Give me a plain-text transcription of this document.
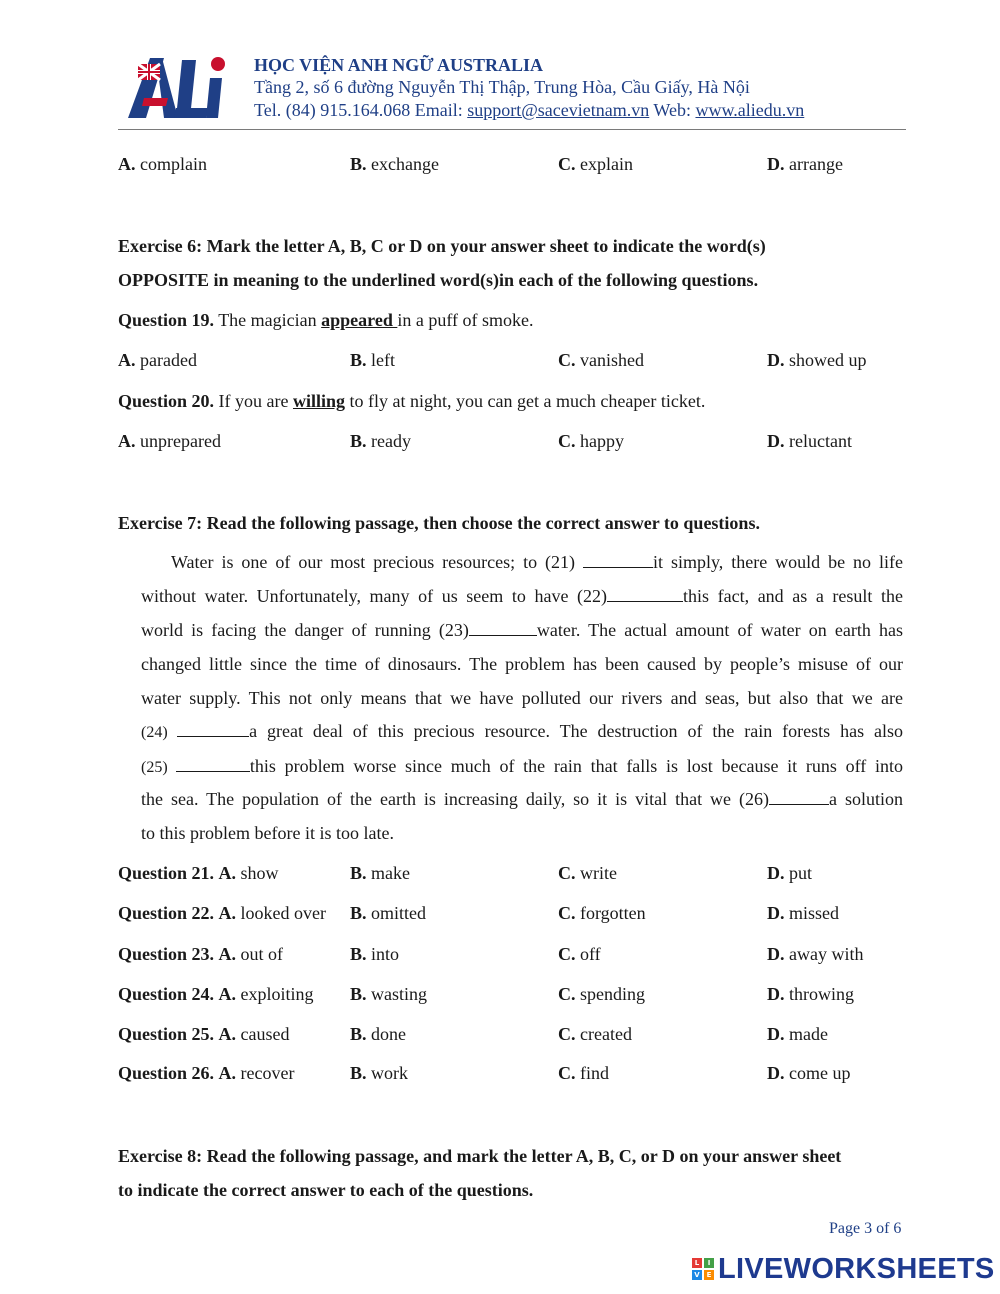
HỌC VIỆN ANH NGỮ AUSTRALIA
Tầng 2, số 6 đường Nguyễn Thị Thập, Trung Hòa, Cầu Giấy, Hà Nội
Tel. (84) 915.164.068 Email: support@sacevietnam.vn Web: www.aliedu.vn
A. complain	B. exchange	C. explain	D. arrange
Exercise 6: Mark the letter A, B, C or D on your answer sheet to indicate the word(s)
OPPOSITE in meaning to the underlined word(s)in each of the following questions.
Question 19. The magician appeared in a puff of smoke.
A. paraded	B. left	C. vanished	D. showed up
Question 20. If you are willing to fly at night, you can get a much cheaper ticket.
A. unprepared	B. ready	C. happy	D. reluctant
Exercise 7: Read the following passage, then choose the correct answer to questions.
Water is one of our most precious resources; to (21)	it simply, there would be no life
without water. Unfortunately, many of us seem to have (22)	this fact, and as a result the
world is facing the danger of running (23)	water. The actual amount of water on earth has
changed little since the time of dinosaurs. The problem has been caused by people’s misuse of our
water supply. This not only means that we have polluted our rivers and seas, but also that we are
(24)	a great deal of this precious resource. The destruction of the rain forests has also
(25)	this problem worse since much of the rain that falls is lost because it runs off into
the sea. The population of the earth is increasing daily, so it is vital that we (26)	a solution
to this problem before it is too late.
Question 21. A. show	B. make	C. write	D. put
Question 22. A. looked over B. omitted	C. forgotten	D. missed
Question 23. A. out of	B. into	C. off	D. away with
Question 24. A. exploiting B. wasting	C. spending	D. throwing
Question 25. A. caused	B. done	C. created	D. made
Question 26. A. recover	B. work	C. find	D. come up
Exercise 8: Read the following passage, and mark the letter A, B, C, or D on your answer sheet
to indicate the correct answer to each of the questions.
Page 3 of 6
L	I
V E LIVEWORKSHEETS
